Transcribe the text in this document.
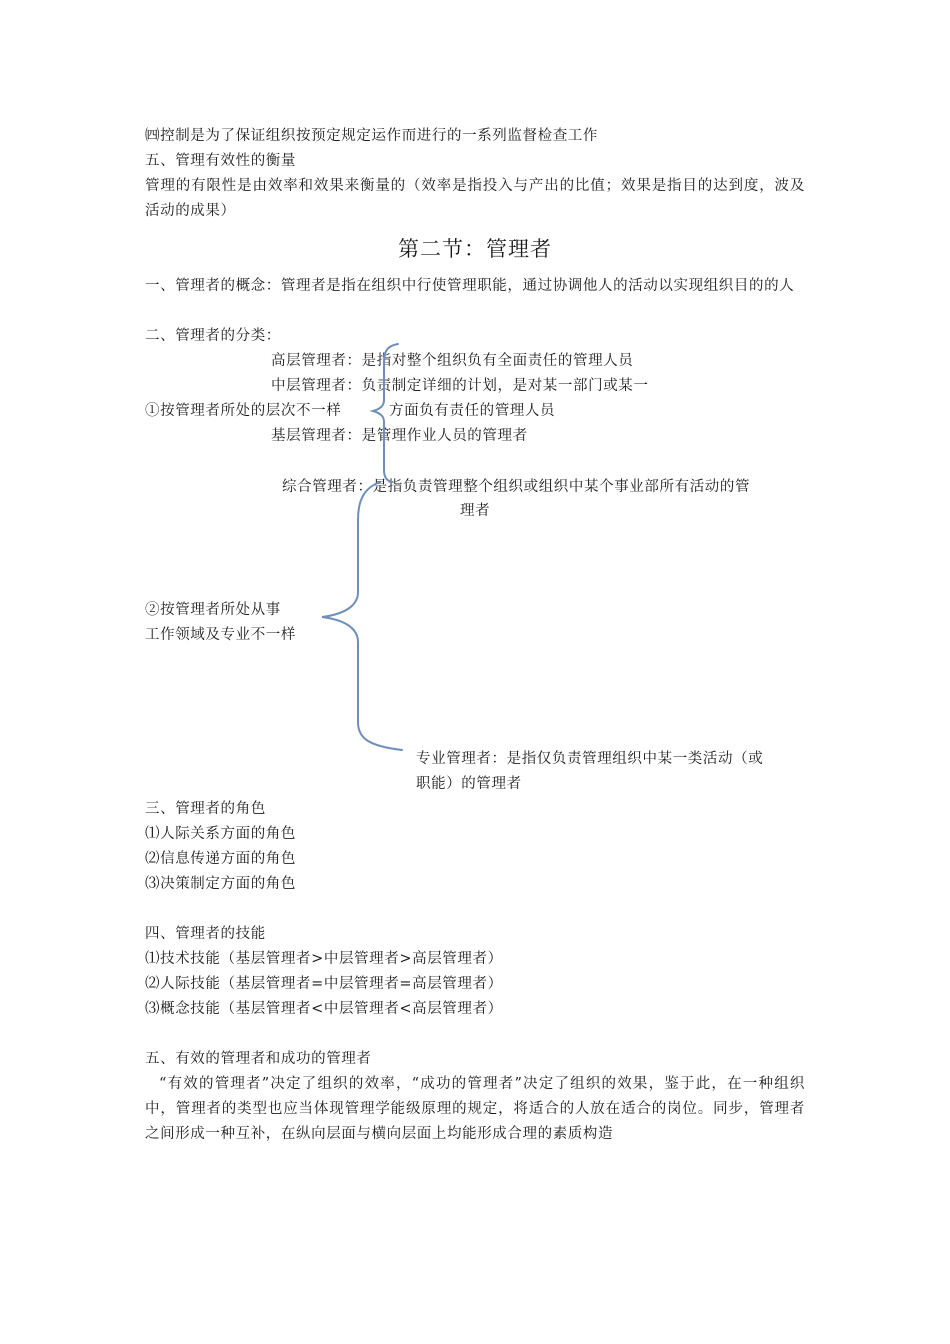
㈣控制是为了保证组织按预定规定运作而进行的一系列监督检查工作
五、管理有效性的衡量
管理的有限性是由效率和效果来衡量的（效率是指投入与产出的比值；效果是指目的达到度，波及活动的成果）
第二节：管理者
一、管理者的概念：管理者是指在组织中行使管理职能，通过协调他人的活动以实现组织目的的人
二、管理者的分类：
高层管理者：是指对整个组织负有全面责任的管理人员
中层管理者：负责制定详细的计划，是对某一部门或某一
①按管理者所处的层次不一样	方面负有责任的管理人员
基层管理者：是管理作业人员的管理者
综合管理者：是指负责管理整个组织或组织中某个事业部所有活动的管
理者
②按管理者所处从事
工作领域及专业不一样
专业管理者：是指仅负责管理组织中某一类活动（或
职能）的管理者
三、管理者的角色
⑴人际关系方面的角色
⑵信息传递方面的角色
⑶决策制定方面的角色
四、管理者的技能
⑴技术技能（基层管理者>中层管理者>高层管理者）
⑵人际技能（基层管理者=中层管理者=高层管理者）
⑶概念技能（基层管理者<中层管理者<高层管理者）
五、有效的管理者和成功的管理者
“有效的管理者”决定了组织的效率，“成功的管理者”决定了组织的效果，鉴于此，在一种组织中，管理者的类型也应当体现管理学能级原理的规定，将适合的人放在适合的岗位。同步，管理者之间形成一种互补，在纵向层面与横向层面上均能形成合理的素质构造
